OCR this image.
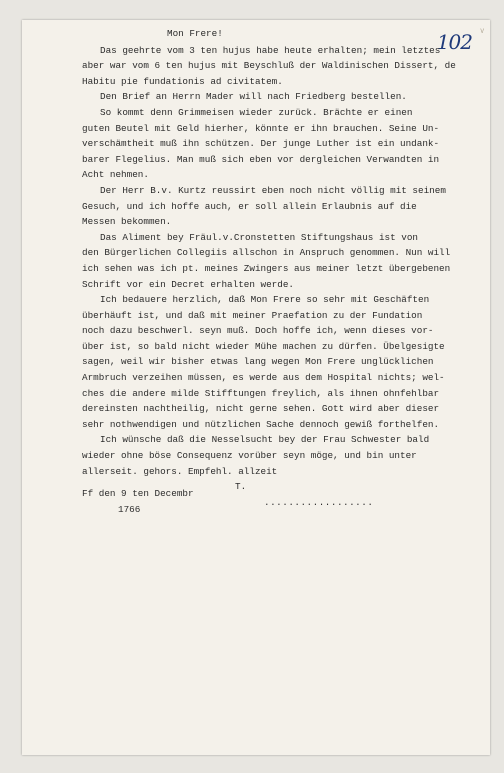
102 V
Mon Frere!
Das geehrte vom 3 ten hujus habe heute erhalten; mein letztes
aber war vom 6 ten hujus mit Beyschluß der Waldinischen Dissert, de
Habitu pie fundationis ad civitatem.
Den Brief an Herrn Mader will nach Friedberg bestellen.
So kommt denn Grimmeisen wieder zurück. Brächte er einen
guten Beutel mit Geld hierher, könnte er ihn brauchen. Seine Un-
verschämtheit muß ihn schützen. Der junge Luther ist ein undank-
barer Flegelius. Man muß sich eben vor dergleichen Verwandten in
Acht nehmen.
Der Herr B.v. Kurtz reussirt eben noch nicht völlig mit seinem
Gesuch, und ich hoffe auch, er soll allein Erlaubnis auf die
Messen bekommen.
Das Aliment bey Fräul.v.Cronstetten Stiftungshaus ist von
den Bürgerlichen Collegiis allschon in Anspruch genommen. Nun will
ich sehen was ich pt. meines Zwingers aus meiner letzt übergebenen
Schrift vor ein Decret erhalten werde.
Ich bedauere herzlich, daß Mon Frere so sehr mit Geschäften
überhäuft ist, und daß mit meiner Praefation zu der Fundation
noch dazu beschwerl. seyn muß. Doch hoffe ich, wenn dieses vor-
über ist, so bald nicht wieder Mühe machen zu dürfen. Übelgesigte
sagen, weil wir bisher etwas lang wegen Mon Frere unglücklichen
Armbruch verzeihen müssen, es werde aus dem Hospital nichts; wel-
ches die andere milde Stifftungen freylich, als ihnen ohnfehlbar
dereinsten nachtheilig, nicht gerne sehen. Gott wird aber dieser
sehr nothwendigen und nützlichen Sache dennoch gewiß forthelfen.
Ich wünsche daß die Nesselsucht bey der Frau Schwester bald
wieder ohne böse Consequenz vorüber seyn möge, und bin unter
allerseit. gehors. Empfehl. allzeit
T.
..................
Ff den 9 ten Decembr
1766
